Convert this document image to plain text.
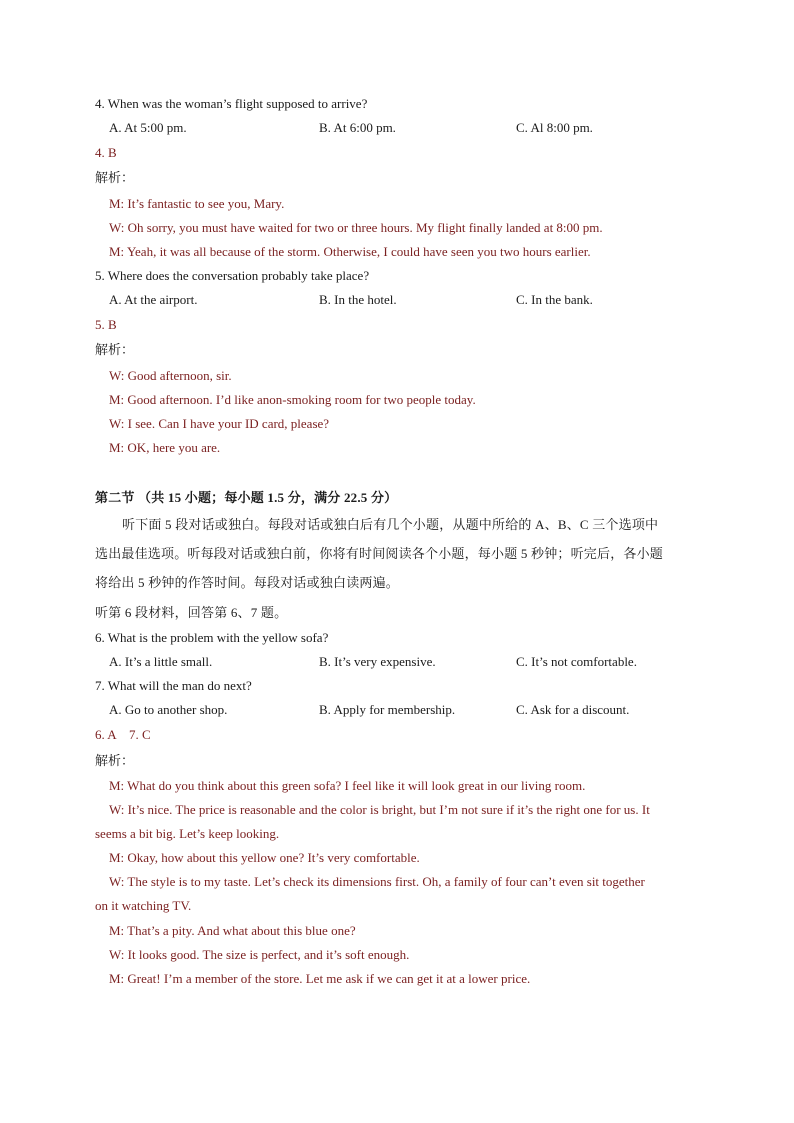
4. When was the woman’s flight supposed to arrive?
A. At 5:00 pm.	B. At 6:00 pm.	C. Al 8:00 pm.
4. B
解析：
M: It’s fantastic to see you, Mary.
W: Oh sorry, you must have waited for two or three hours. My flight finally landed at 8:00 pm.
M: Yeah, it was all because of the storm. Otherwise, I could have seen you two hours earlier.
5. Where does the conversation probably take place?
A. At the airport.	B. In the hotel.	C. In the bank.
5. B
解析：
W: Good afternoon, sir.
M: Good afternoon. I’d like anon-smoking room for two people today.
W: I see. Can I have your ID card, please?
M: OK, here you are.
第二节 （共 15 小题；每小题 1.5 分，满分 22.5 分）
听下面 5 段对话或独白。每段对话或独白后有几个小题，从题中所给的 A、B、C 三个选项中
选出最佳选项。听每段对话或独白前，你将有时间阅读各个小题，每小题 5 秒钟；听完后，各小题
将给出 5 秒钟的作答时间。每段对话或独白读两遍。
听第 6 段材料，回答第 6、7 题。
6. What is the problem with the yellow sofa?
A. It’s a little small.	B. It’s very expensive.	C. It’s not comfortable.
7. What will the man do next?
A. Go to another shop.	B. Apply for membership.	C. Ask for a discount.
6. A    7. C
解析：
M: What do you think about this green sofa? I feel like it will look great in our living room.
W: It’s nice. The price is reasonable and the color is bright, but I’m not sure if it’s the right one for us. It
seems a bit big. Let’s keep looking.
M: Okay, how about this yellow one? It’s very comfortable.
W: The style is to my taste. Let’s check its dimensions first. Oh, a family of four can’t even sit together
on it watching TV.
M: That’s a pity. And what about this blue one?
W: It looks good. The size is perfect, and it’s soft enough.
M: Great! I’m a member of the store. Let me ask if we can get it at a lower price.
